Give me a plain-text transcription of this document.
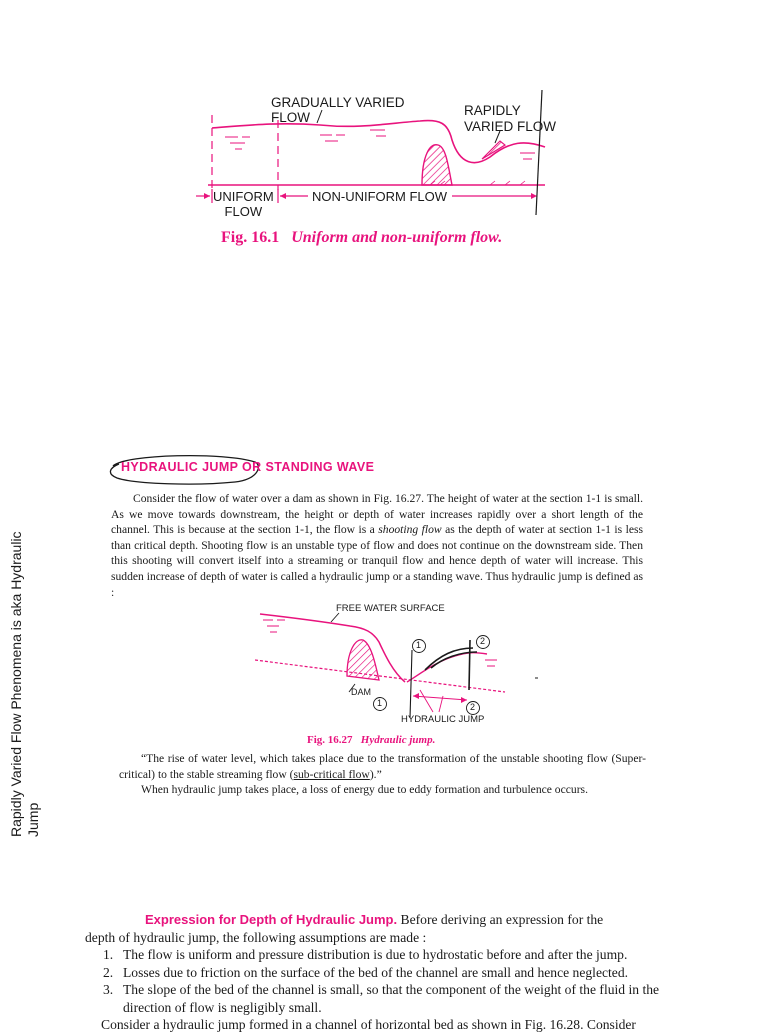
GRADUALLY VARIED
FLOW	RAPIDLY
VARIED FLOW
UNIFORM
FLOW
NON-UNIFORM FLOW
Fig. 16.1 Uniform and non-uniform flow.
Rapidly Varied Flow Phenomena is aka Hydraulic Jump
HYDRAULIC JUMP OR STANDING WAVE

Consider the flow of water over a dam as shown in Fig. 16.27. The height of water at the section 1-1 is small. As we move towards downstream, the height or depth of water increases rapidly over a short length of the channel. This is because at the section 1-1, the flow is a shooting flow as the depth of water at section 1-1 is less than critical depth. Shooting flow is an unstable type of flow and does not continue on the downstream side. Then this shooting will convert itself into a streaming or tranquil flow and hence depth of water will increase. This sudden increase of depth of water is called a hydraulic jump or a standing wave. Thus hydraulic jump is defined as :

FREE WATER SURFACE
DAM
HYDRAULIC JUMP
1	2
1	2
Fig. 16.27 Hydraulic jump.

“The rise of water level, which takes place due to the transformation of the unstable shooting flow (Super-critical) to the stable streaming flow (sub-critical flow).”

When hydraulic jump takes place, a loss of energy due to eddy formation and turbulence occurs.

Expression for Depth of Hydraulic Jump. Before deriving an expression for the
depth of hydraulic jump, the following assumptions are made :
1. The flow is uniform and pressure distribution is due to hydrostatic before and after the jump.
2. Losses due to friction on the surface of the bed of the channel are small and hence neglected.
3. The slope of the bed of the channel is small, so that the component of the weight of the fluid in the direction of flow is negligibly small.
Consider a hydraulic jump formed in a channel of horizontal bed as shown in Fig. 16.28. Consider
